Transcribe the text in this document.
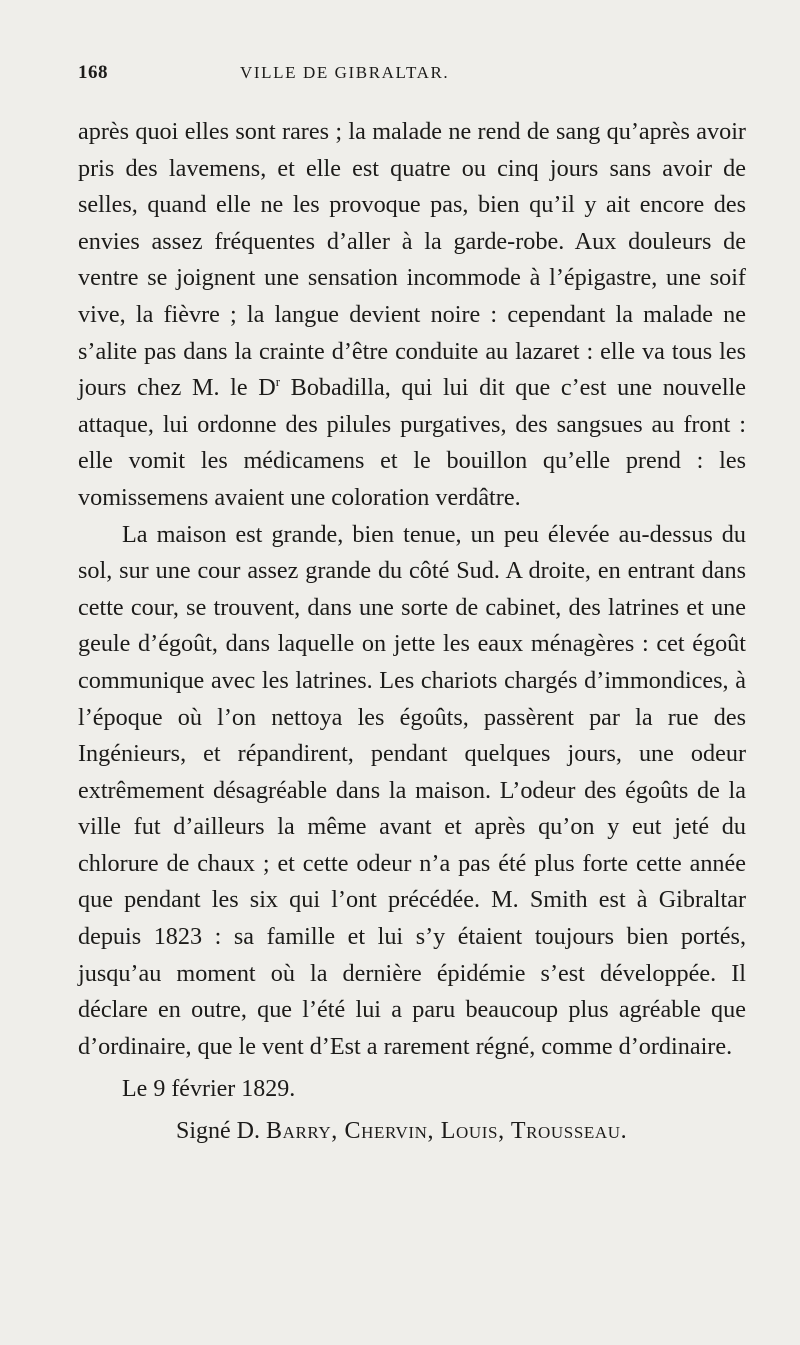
168	VILLE DE GIBRALTAR.

après quoi elles sont rares ; la malade ne rend de sang qu’après avoir pris des lavemens, et elle est quatre ou cinq jours sans avoir de selles, quand elle ne les provoque pas, bien qu’il y ait encore des envies assez fréquentes d’aller à la garde-robe. Aux douleurs de ventre se joignent une sensation incommode à l’épigastre, une soif vive, la fièvre ; la langue devient noire : cependant la malade ne s’alite pas dans la crainte d’être conduite au lazaret : elle va tous les jours chez M. le $D^r$ Bobadilla, qui lui dit que c’est une nouvelle attaque, lui ordonne des pilules purgatives, des sangsues au front : elle vomit les médicamens et le bouillon qu’elle prend : les vomissemens avaient une coloration verdâtre.

La maison est grande, bien tenue, un peu élevée au-dessus du sol, sur une cour assez grande du côté Sud. A droite, en entrant dans cette cour, se trouvent, dans une sorte de cabinet, des latrines et une geule d’égoût, dans laquelle on jette les eaux ménagères : cet égoût communique avec les latrines. Les chariots chargés d’immondices, à l’époque où l’on nettoya les égoûts, passèrent par la rue des Ingénieurs, et répandirent, pendant quelques jours, une odeur extrêmement désagréable dans la maison. L’odeur des égoûts de la ville fut d’ailleurs la même avant et après qu’on y eut jeté du chlorure de chaux ; et cette odeur n’a pas été plus forte cette année que pendant les six qui l’ont précédée. M. Smith est à Gibraltar depuis 1823 : sa famille et lui s’y étaient toujours bien portés, jusqu’au moment où la dernière épidémie s’est développée. Il déclare en outre, que l’été lui a paru beaucoup plus agréable que d’ordinaire, que le vent d’Est a rarement régné, comme d’ordinaire.

Le 9 février 1829.
Signé D. Barry, Chervin, Louis, Trousseau.
